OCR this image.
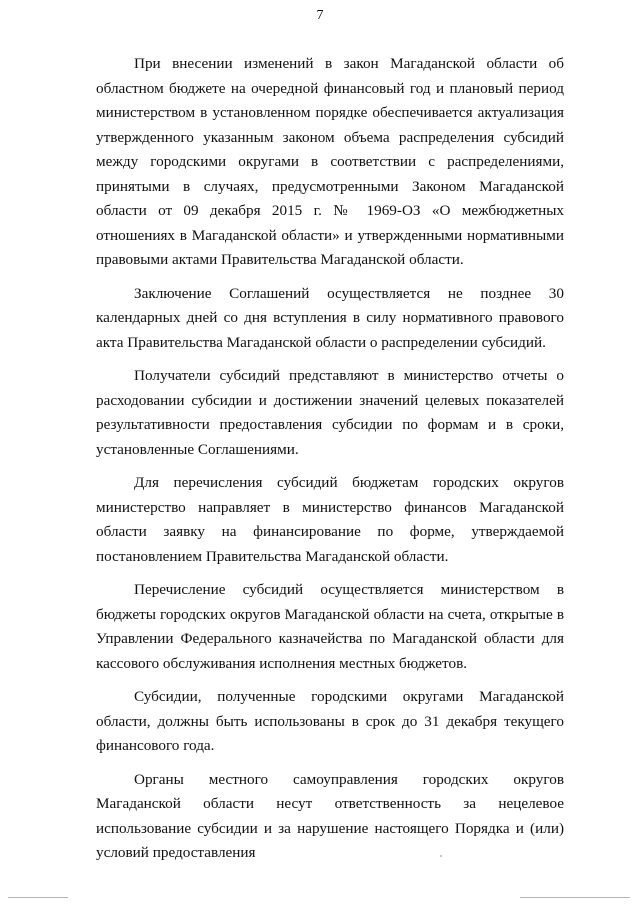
7

При внесении изменений в закон Магаданской области об областном бюджете на очередной финансовый год и плановый период министерством в установленном порядке обеспечивается актуализация утвержденного указанным законом объема распределения субсидий между городскими округами в соответствии с распределениями, принятыми в случаях, предусмотренными Законом Магаданской области от 09 декабря 2015 г. № 1969-ОЗ «О межбюджетных отношениях в Магаданской области» и утвержденными нормативными правовыми актами Правительства Магаданской области.

Заключение Соглашений осуществляется не позднее 30 календарных дней со дня вступления в силу нормативного правового акта Правительства Магаданской области о распределении субсидий.

Получатели субсидий представляют в министерство отчеты о расходовании субсидии и достижении значений целевых показателей результативности предоставления субсидии по формам и в сроки, установленные Соглашениями.

Для перечисления субсидий бюджетам городских округов министерство направляет в министерство финансов Магаданской области заявку на финансирование по форме, утверждаемой постановлением Правительства Магаданской области.

Перечисление субсидий осуществляется министерством в бюджеты городских округов Магаданской области на счета, открытые в Управлении Федерального казначейства по Магаданской области для кассового обслуживания исполнения местных бюджетов.

Субсидии, полученные городскими округами Магаданской области, должны быть использованы в срок до 31 декабря текущего финансового года.

Органы местного самоуправления городских округов Магаданской области несут ответственность за нецелевое использование субсидии и за нарушение настоящего Порядка и (или) условий предоставления
